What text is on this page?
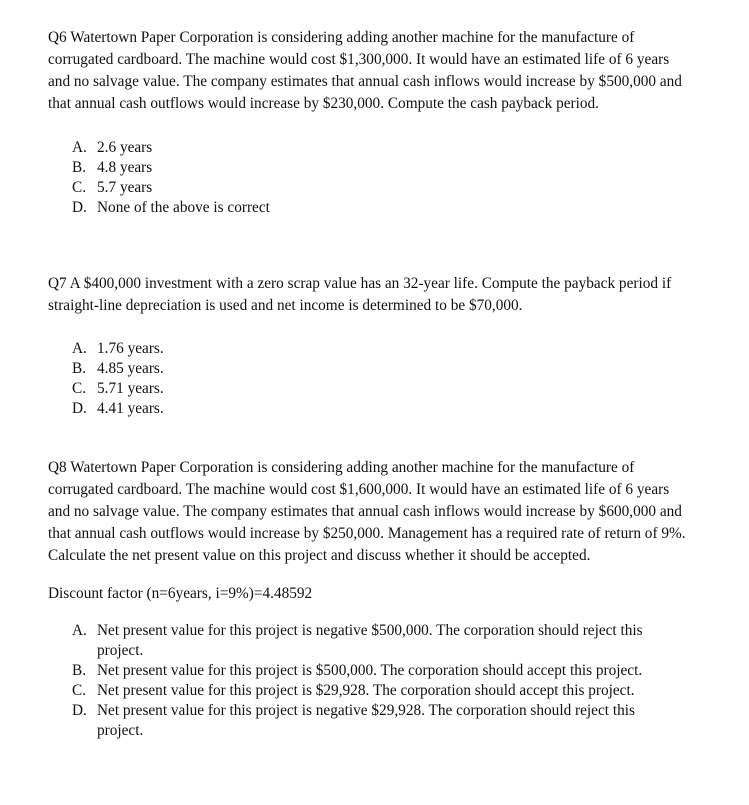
Q6 Watertown Paper Corporation is considering adding another machine for the manufacture of corrugated cardboard. The machine would cost $1,300,000. It would have an estimated life of 6 years and no salvage value. The company estimates that annual cash inflows would increase by $500,000 and that annual cash outflows would increase by $230,000. Compute the cash payback period.

A. 2.6 years
B. 4.8 years
C. 5.7 years
D. None of the above is correct

Q7 A $400,000 investment with a zero scrap value has an 32-year life. Compute the payback period if straight-line depreciation is used and net income is determined to be $70,000.

A. 1.76 years.
B. 4.85 years.
C. 5.71 years.
D. 4.41 years.

Q8 Watertown Paper Corporation is considering adding another machine for the manufacture of corrugated cardboard. The machine would cost $1,600,000. It would have an estimated life of 6 years and no salvage value. The company estimates that annual cash inflows would increase by $600,000 and that annual cash outflows would increase by $250,000. Management has a required rate of return of 9%. Calculate the net present value on this project and discuss whether it should be accepted.

Discount factor (n=6years, i=9%)=4.48592

A. Net present value for this project is negative $500,000. The corporation should reject this project.
B. Net present value for this project is $500,000. The corporation should accept this project.
C. Net present value for this project is $29,928. The corporation should accept this project.
D. Net present value for this project is negative $29,928. The corporation should reject this project.
